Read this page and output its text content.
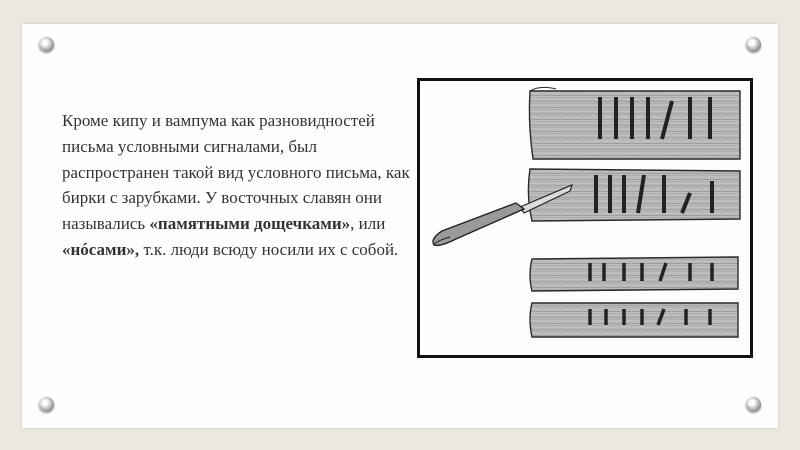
Кроме кипу и вампума как разновидностей письма условными сигналами, был распространен такой вид условного письма, как бирки с зарубками. У восточных славян они назывались «памятными дощечками», или «нóсами», т.к. люди всюду носили их с собой.
